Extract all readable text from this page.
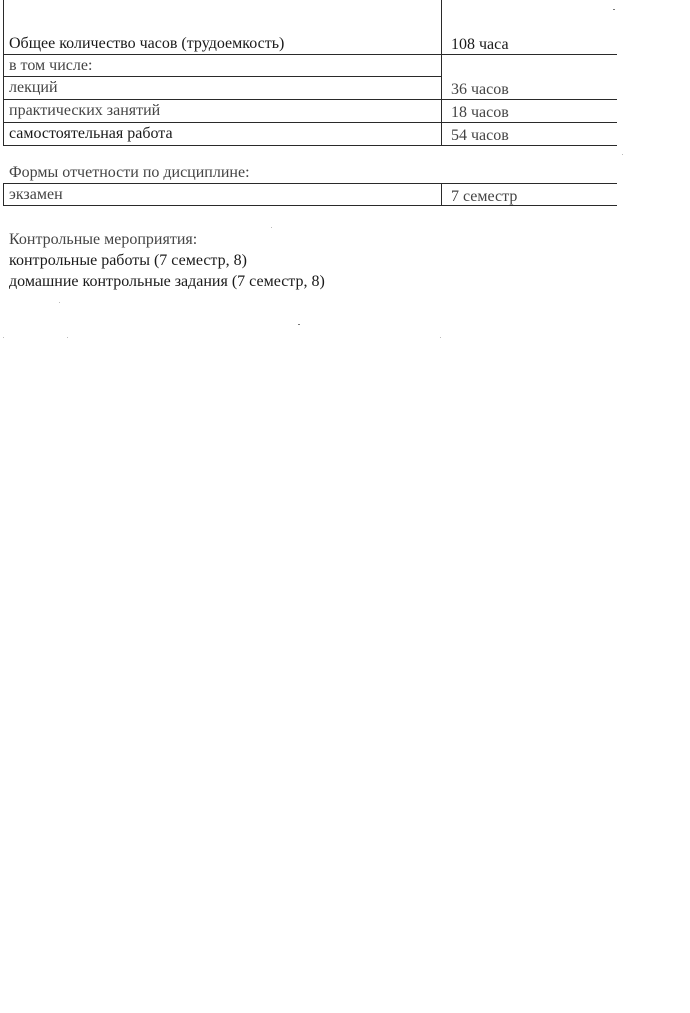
Общее количество часов (трудоемкость)	108 часа
в том числе:
лекций	36 часов
практических занятий	18 часов
самостоятельная работа	54 часов
Формы отчетности по дисциплине:
экзамен	7 семестр
Контрольные мероприятия:
контрольные работы (7 семестр, 8)
домашние контрольные задания (7 семестр, 8)
